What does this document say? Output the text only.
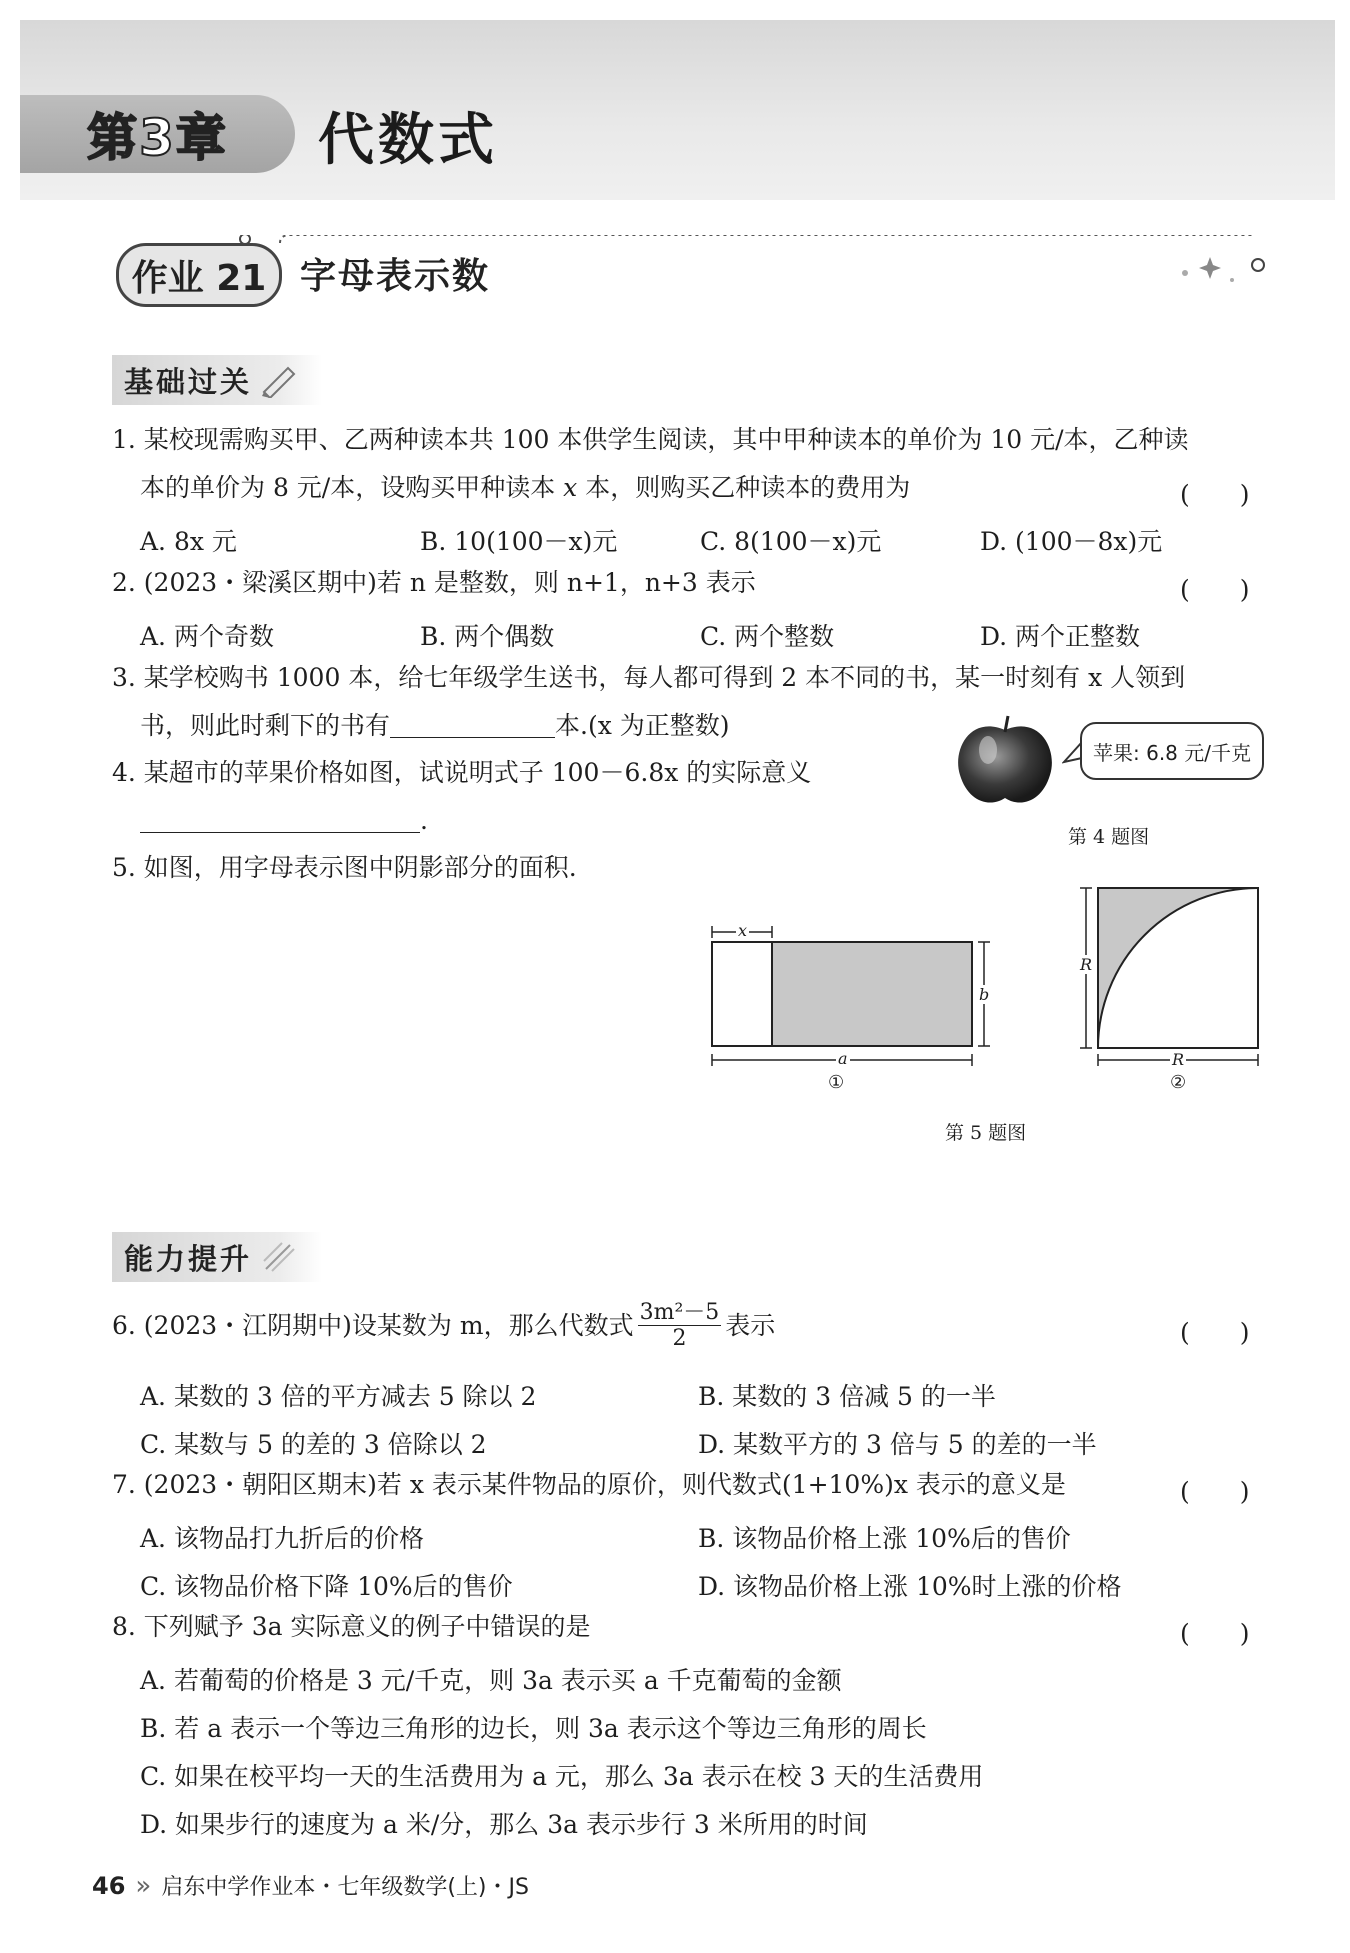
第3章 代数式
作业 21 字母表示数
基础过关
1. 某校现需购买甲、乙两种读本共 100 本供学生阅读，其中甲种读本的单价为 10 元/本，乙种读
本的单价为 8 元/本，设购买甲种读本 x 本，则购买乙种读本的费用为	(　　)
A. 8x 元	B. 10(100－x)元	C. 8(100－x)元	D. (100－8x)元
2. (2023・梁溪区期中)若 n 是整数，则 n+1，n+3 表示	(　　)
A. 两个奇数	B. 两个偶数	C. 两个整数	D. 两个正整数
3. 某学校购书 1000 本，给七年级学生送书，每人都可得到 2 本不同的书，某一时刻有 x 人领到
书，则此时剩下的书有	本.(x 为正整数)
4. 某超市的苹果价格如图，试说明式子 100－6.8x 的实际意义
.
苹果: 6.8 元/千克
第 4 题图
5. 如图，用字母表示图中阴影部分的面积.
x
a
b
①
R
R
②
第 5 题图
能力提升
6. (2023・江阴期中)设某数为 m，那么代数式 3m²－5
2 表示	(　　)
A. 某数的 3 倍的平方减去 5 除以 2	B. 某数的 3 倍减 5 的一半
C. 某数与 5 的差的 3 倍除以 2	D. 某数平方的 3 倍与 5 的差的一半
7. (2023・朝阳区期末)若 x 表示某件物品的原价，则代数式(1+10%)x 表示的意义是	(　　)
A. 该物品打九折后的价格	B. 该物品价格上涨 10%后的售价
C. 该物品价格下降 10%后的售价	D. 该物品价格上涨 10%时上涨的价格
8. 下列赋予 3a 实际意义的例子中错误的是	(　　)
A. 若葡萄的价格是 3 元/千克，则 3a 表示买 a 千克葡萄的金额
B. 若 a 表示一个等边三角形的边长，则 3a 表示这个等边三角形的周长
C. 如果在校平均一天的生活费用为 a 元，那么 3a 表示在校 3 天的生活费用
D. 如果步行的速度为 a 米/分，那么 3a 表示步行 3 米所用的时间
46 » 启东中学作业本・七年级数学(上)・JS
